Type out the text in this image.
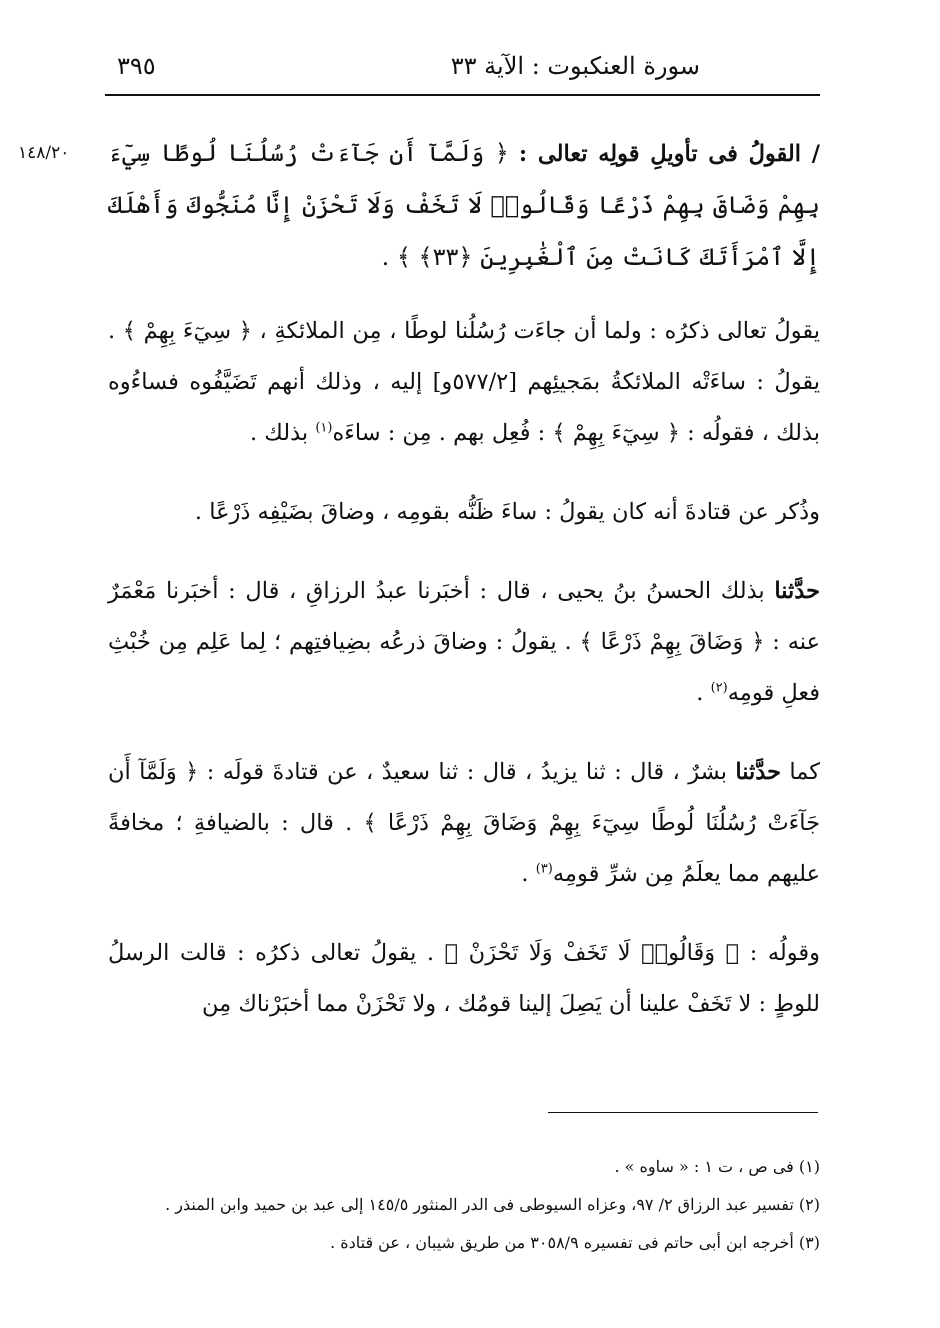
سورة العنكبوت : الآية ٣٣
٣٩٥
١٤٨/٢٠	/ القولُ فى تأويلِ قولِه تعالى : ﴿ وَلَمَّآ أَن جَآءَتْ رُسُلُنَا لُوطًا سِيٓءَ بِهِمْ وَضَاقَ بِهِمْ ذَرْعًا وَقَالُوا۟ لَا تَخَفْ وَلَا تَحْزَنْ إِنَّا مُنَجُّوكَ وَأَهْلَكَ إِلَّا ٱمْرَأَتَكَ كَانَتْ مِنَ ٱلْغَٰبِرِينَ ﴿٣٣﴾ ﴾ .

يقولُ تعالى ذكرُه : ولما أن جاءَت رُسُلُنا لوطًا ، مِن الملائكةِ ، ﴿ سِيٓءَ بِهِمْ ﴾ . يقولُ : ساءَتْه الملائكةُ بمَجيئِهم [٥٧٧/٢و] إليه ، وذلك أنهم تَضَيَّفُوه فساءُوه بذلك ، فقولُه : ﴿ سِيٓءَ بِهِمْ ﴾ : فُعِل بهم . مِن : ساءَه$^{(١)}$ بذلك .

وذُكر عن قتادةَ أنه كان يقولُ : ساءَ ظَنُّه بقومِه ، وضاقَ بضَيْفِه ذَرْعًا .

حدَّثنا بذلك الحسنُ بنُ يحيى ، قال : أخبَرنا عبدُ الرزاقِ ، قال : أخبَرنا مَعْمَرٌ عنه : ﴿ وَضَاقَ بِهِمْ ذَرْعًا ﴾ . يقولُ : وضاقَ ذرعُه بضِيافتِهم ؛ لِما عَلِم مِن خُبْثِ فعلِ قومِه$^{(٢)}$ .

كما حدَّثنا بشرٌ ، قال : ثنا يزيدُ ، قال : ثنا سعيدٌ ، عن قتادةَ قولَه : ﴿ وَلَمَّآ أَن جَآءَتْ رُسُلُنَا لُوطًا سِيٓءَ بِهِمْ وَضَاقَ بِهِمْ ذَرْعًا ﴾ . قال : بالضيافةِ ؛ مخافةً عليهم مما يعلَمُ مِن شرِّ قومِه$^{(٣)}$ .

وقولُه : ﴿ وَقَالُوا۟ لَا تَخَفْ وَلَا تَحْزَنْ ﴾ . يقولُ تعالى ذكرُه : قالت الرسلُ للوطٍ : لا تَخَفْ علينا أن يَصِلَ إلينا قومُك ، ولا تَحْزَنْ مما أخبَرْناك مِن

(١) فى ص ، ت ١ : « ساوه » .
(٢) تفسير عبد الرزاق ٢/ ٩٧، وعزاه السيوطى فى الدر المنثور ١٤٥/٥ إلى عبد بن حميد وابن المنذر .
(٣) أخرجه ابن أبى حاتم فى تفسيره ٣٠٥٨/٩ من طريق شيبان ، عن قتادة .
